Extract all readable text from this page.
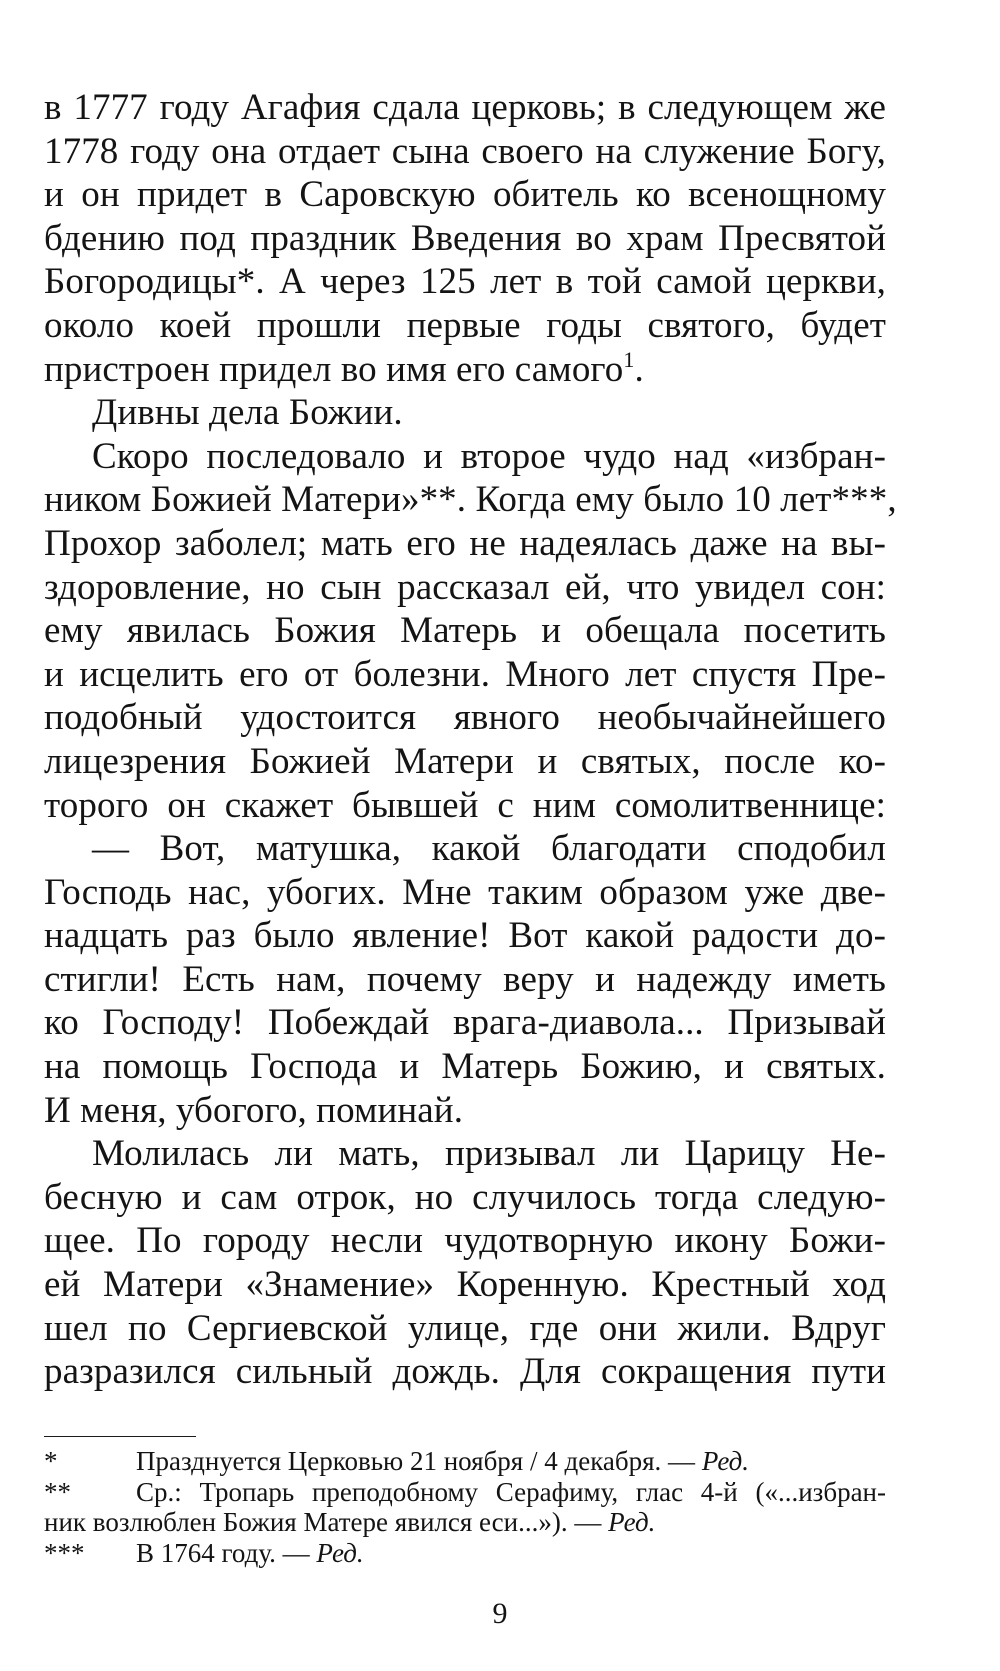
в 1777 году Агафия сдала церковь; в следующем же

1778 году она отдает сына своего на служение Богу,

и он придет в Саровскую обитель ко всенощному

бдению под праздник Введения во храм Пресвятой

Богородицы*. А через 125 лет в той самой церкви,

около коей прошли первые годы святого, будет

пристроен придел во имя его самого$^1$.

Дивны дела Божии.

Скоро последовало и второе чудо над «избран-

ником Божией Матери»**. Когда ему было 10 лет***,

Прохор заболел; мать его не надеялась даже на вы-

здоровление, но сын рассказал ей, что увидел сон:

ему явилась Божия Матерь и обещала посетить

и исцелить его от болезни. Много лет спустя Пре-

подобный удостоится явного необычайнейшего

лицезрения Божией Матери и святых, после ко-

торого он скажет бывшей с ним сомолитвеннице:

— Вот, матушка, какой благодати сподобил

Господь нас, убогих. Мне таким образом уже две-

надцать раз было явление! Вот какой радости до-

стигли! Есть нам, почему веру и надежду иметь

ко Господу! Побеждай врага-диавола... Призывай

на помощь Господа и Матерь Божию, и святых.

И меня, убогого, поминай.

Молилась ли мать, призывал ли Царицу Не-

бесную и сам отрок, но случилось тогда следую-

щее. По городу несли чудотворную икону Божи-

ей Матери «Знамение» Коренную. Крестный ход

шел по Сергиевской улице, где они жили. Вдруг

разразился сильный дождь. Для сокращения пути

*	Празднуется Церковью 21 ноября / 4 декабря. — Ред.

** Ср.: Тропарь преподобному Серафиму, глас 4-й («...избран-

ник возлюблен Божия Матере явился еси...»). — Ред.

*** В 1764 году. — Ред.

9
